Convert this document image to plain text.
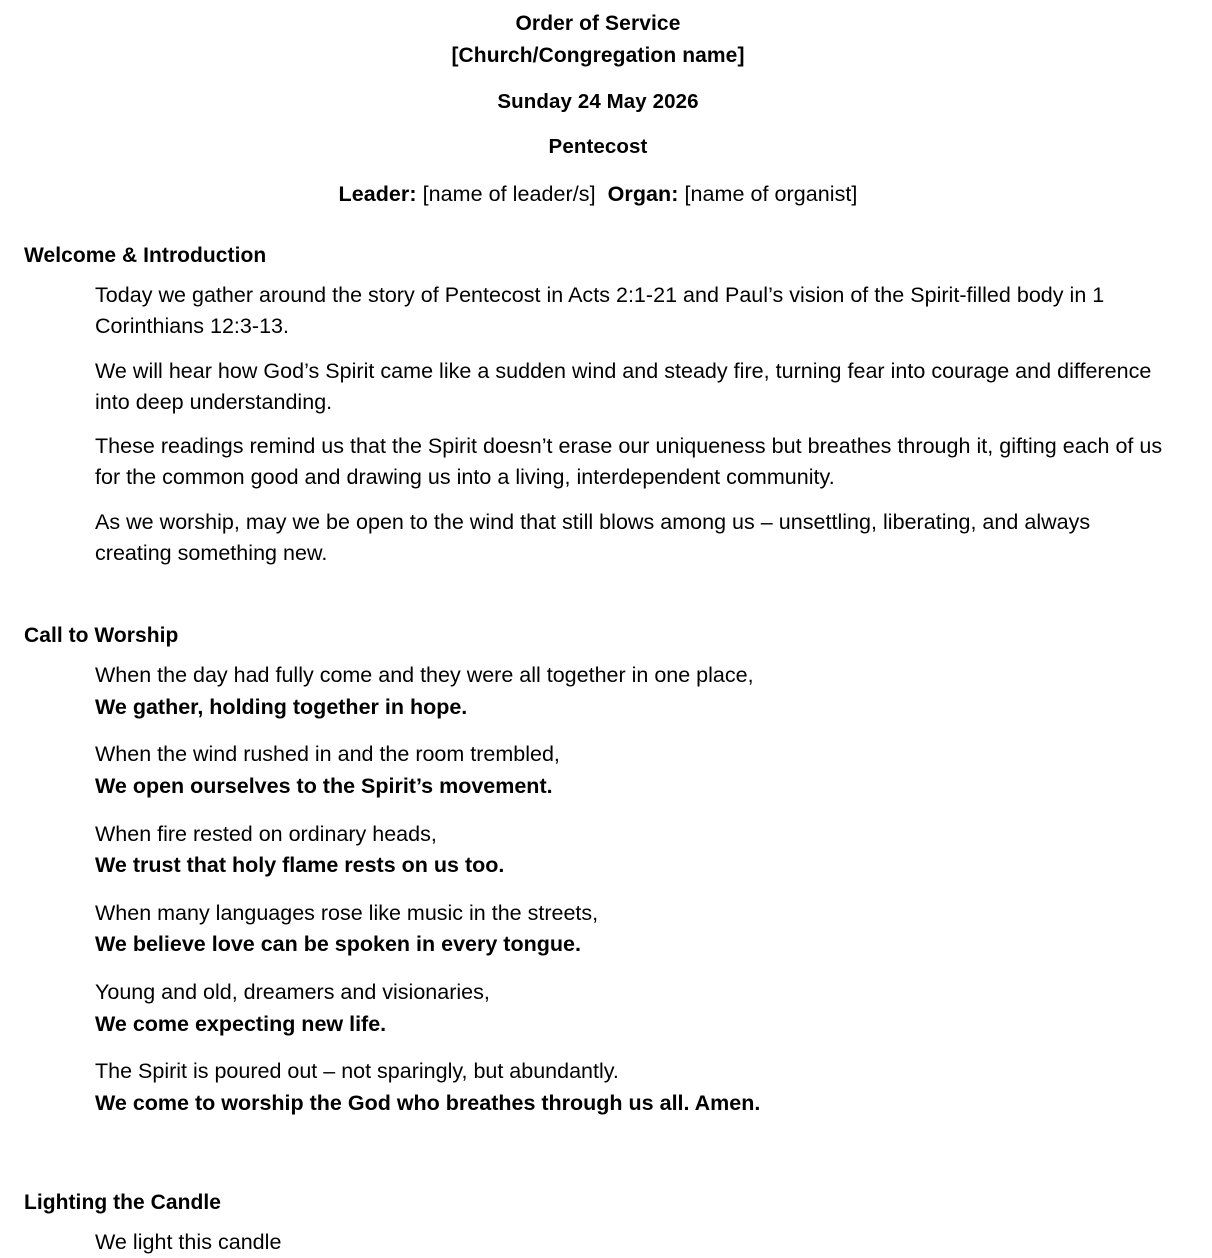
Order of Service
[Church/Congregation name]
Sunday 24 May 2026
Pentecost
Leader: [name of leader/s] Organ: [name of organist]
Welcome & Introduction

Today we gather around the story of Pentecost in Acts 2:1-21 and Paul’s vision of the Spirit-filled body in 1 Corinthians 12:3-13.

We will hear how God’s Spirit came like a sudden wind and steady fire, turning fear into courage and difference into deep understanding.

These readings remind us that the Spirit doesn’t erase our uniqueness but breathes through it, gifting each of us for the common good and drawing us into a living, interdependent community.

As we worship, may we be open to the wind that still blows among us – unsettling, liberating, and always creating something new.

Call to Worship
When the day had fully come and they were all together in one place,
We gather, holding together in hope.
When the wind rushed in and the room trembled,
We open ourselves to the Spirit’s movement.
When fire rested on ordinary heads,
We trust that holy flame rests on us too.
When many languages rose like music in the streets,
We believe love can be spoken in every tongue.
Young and old, dreamers and visionaries,
We come expecting new life.
The Spirit is poured out – not sparingly, but abundantly.
We come to worship the God who breathes through us all. Amen.
Lighting the Candle

We light this candle
